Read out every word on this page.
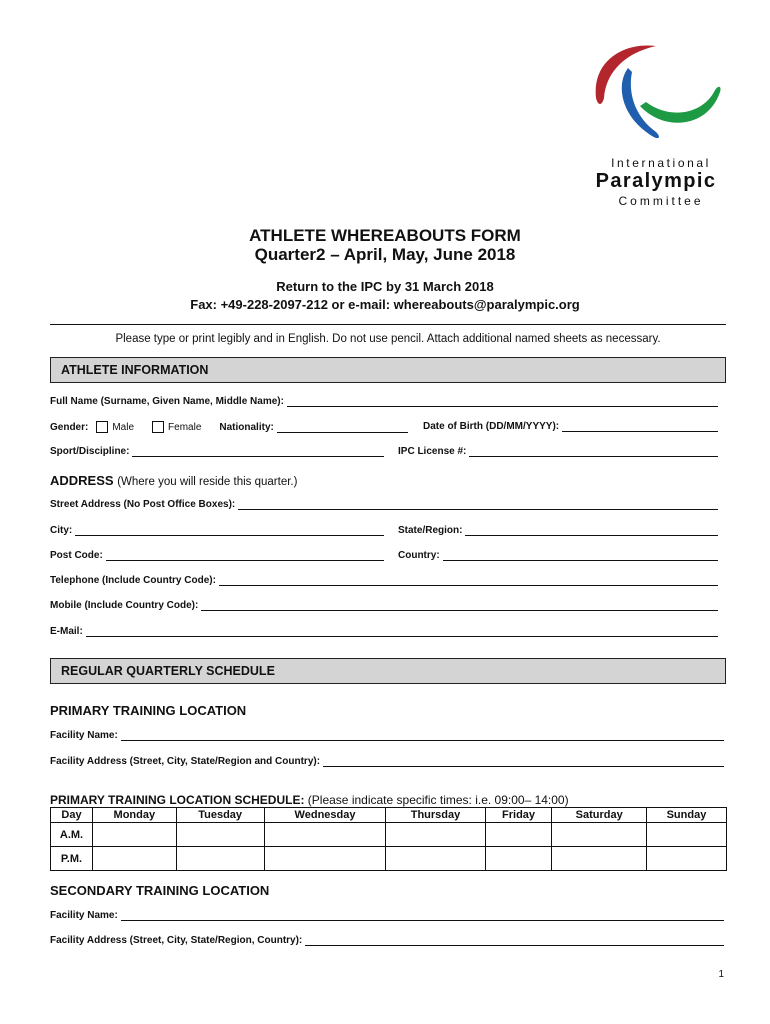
International
Paralympic
Committee
ATHLETE WHEREABOUTS FORM
Quarter2 – April, May, June 2018
Return to the IPC by 31 March 2018
Fax: +49-228-2097-212 or e-mail: whereabouts@paralympic.org
Please type or print legibly and in English. Do not use pencil. Attach additional named sheets as necessary.
ATHLETE INFORMATION
Full Name (Surname, Given Name, Middle Name):
Gender: Male	Female Nationality:	Date of Birth (DD/MM/YYYY):
Sport/Discipline:	IPC License #:
ADDRESS (Where you will reside this quarter.)
Street Address (No Post Office Boxes):
City:	State/Region:
Post Code:	Country:
Telephone (Include Country Code):
Mobile (Include Country Code):
E-Mail:
REGULAR QUARTERLY SCHEDULE
PRIMARY TRAINING LOCATION
Facility Name:
Facility Address (Street, City, State/Region and Country):
PRIMARY TRAINING LOCATION SCHEDULE: (Please indicate specific times: i.e. 09:00– 14:00)
Day	Monday	Tuesday	Wednesday	Thursday	Friday	Saturday	Sunday
A.M.							
P.M.							
SECONDARY TRAINING LOCATION
Facility Name:
Facility Address (Street, City, State/Region, Country):
1
